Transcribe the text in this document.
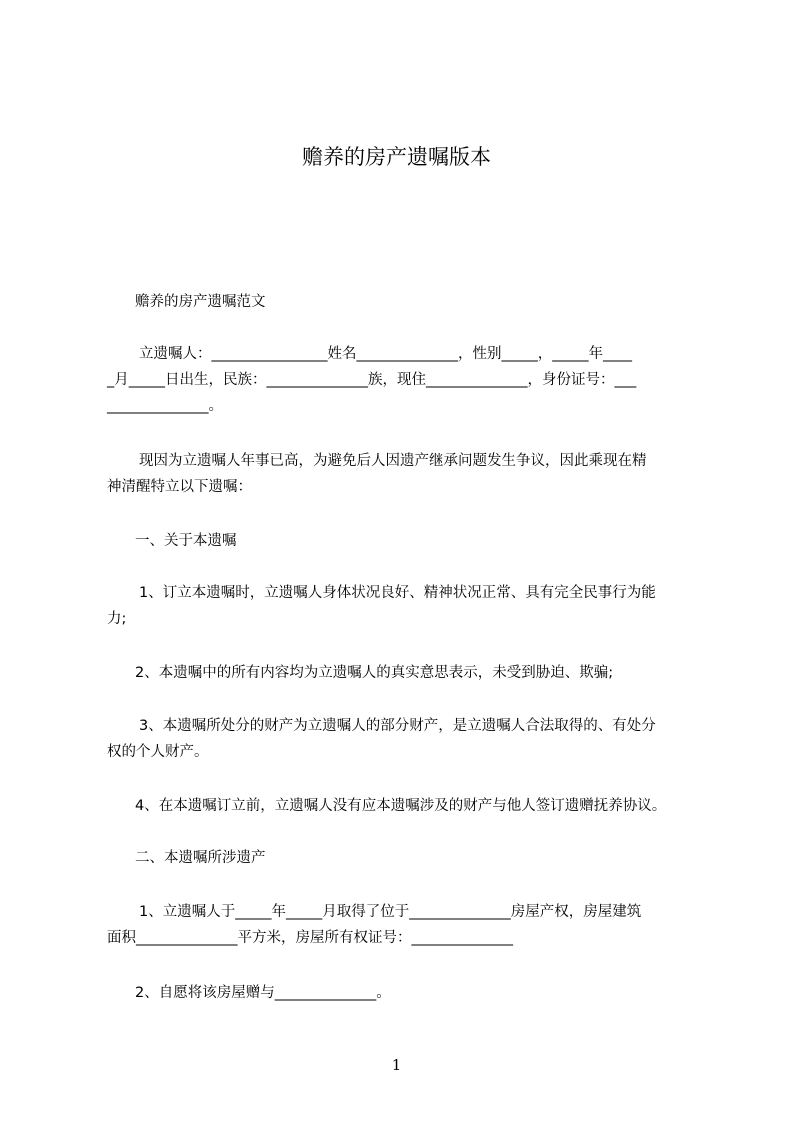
赡养的房产遗嘱版本

赡养的房产遗嘱范文

立遗嘱人：________________姓名______________，性别_____，_____年____
_月_____日出生，民族：______________族，现住______________，身份证号：___
______________。

现因为立遗嘱人年事已高，为避免后人因遗产继承问题发生争议，因此乘现在精
神清醒特立以下遗嘱：

一、关于本遗嘱

1、订立本遗嘱时，立遗嘱人身体状况良好、精神状况正常、具有完全民事行为能
力;

2、本遗嘱中的所有内容均为立遗嘱人的真实意思表示，未受到胁迫、欺骗;

3、本遗嘱所处分的财产为立遗嘱人的部分财产，是立遗嘱人合法取得的、有处分
权的个人财产。

4、在本遗嘱订立前，立遗嘱人没有应本遗嘱涉及的财产与他人签订遗赠抚养协议。

二、本遗嘱所涉遗产

1、立遗嘱人于_____年_____月取得了位于______________房屋产权，房屋建筑
面积______________平方米，房屋所有权证号：______________

2、自愿将该房屋赠与______________。

1
